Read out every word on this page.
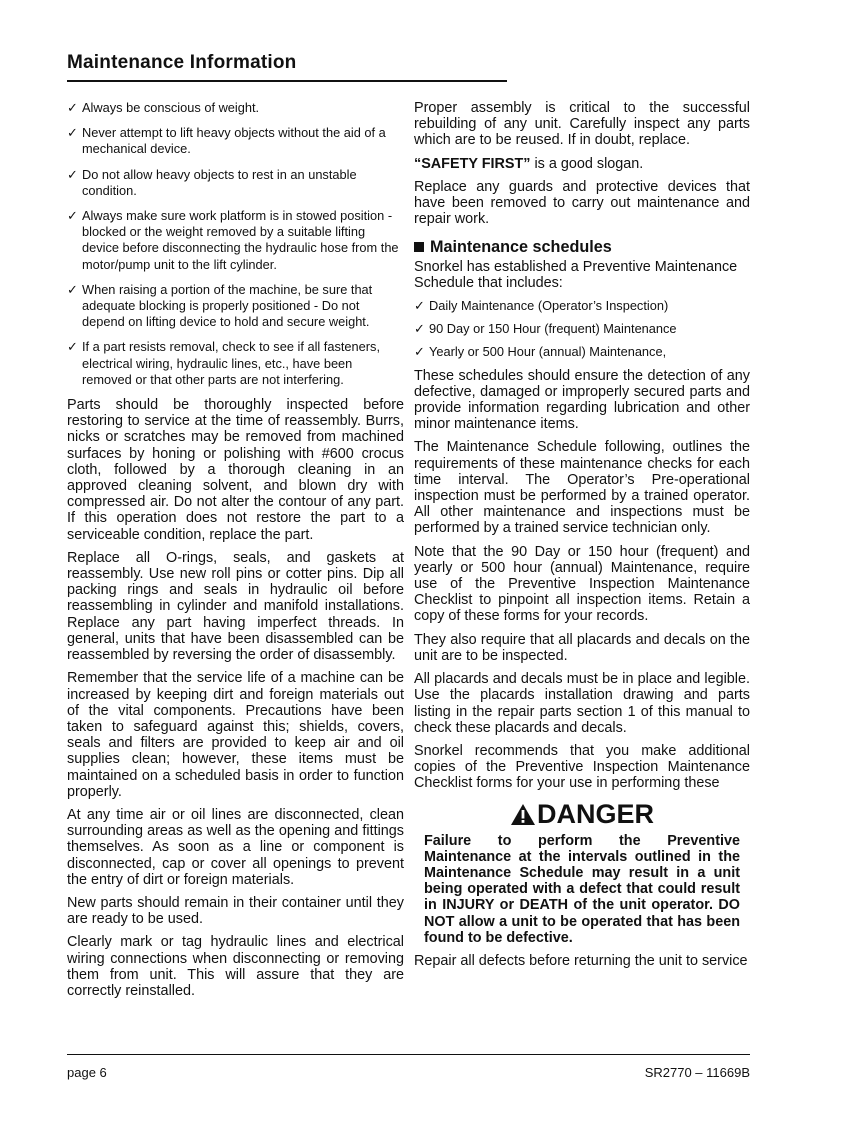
Maintenance Information
✓ Always be conscious of weight.
✓ Never attempt to lift heavy objects without the aid of a mechanical device.
✓ Do not allow heavy objects to rest in an unstable condition.
✓ Always make sure work platform is in stowed position - blocked or the weight removed by a suitable lifting device before disconnecting the hydraulic hose from the motor/pump unit to the lift cylinder.
✓ When raising a portion of the machine, be sure that adequate blocking is properly positioned - Do not depend on lifting device to hold and secure weight.
✓ If a part resists removal, check to see if all fasteners, electrical wiring, hydraulic lines, etc., have been removed or that other parts are not interfering.

Parts should be thoroughly inspected before restoring to service at the time of reassembly. Burrs, nicks or scratches may be removed from machined surfaces by honing or polishing with #600 crocus cloth, followed by a thorough cleaning in an approved cleaning solvent, and blown dry with compressed air. Do not alter the contour of any part. If this operation does not restore the part to a serviceable condition, replace the part.

Replace all O-rings, seals, and gaskets at reassembly. Use new roll pins or cotter pins. Dip all packing rings and seals in hydraulic oil before reassembling in cylinder and manifold installations. Replace any part having imperfect threads. In general, units that have been disassembled can be reassembled by reversing the order of disassembly.

Remember that the service life of a machine can be increased by keeping dirt and foreign materials out of the vital components. Precautions have been taken to safeguard against this; shields, covers, seals and filters are provided to keep air and oil supplies clean; however, these items must be maintained on a scheduled basis in order to function properly.

At any time air or oil lines are disconnected, clean surrounding areas as well as the opening and fittings themselves. As soon as a line or component is disconnected, cap or cover all openings to prevent the entry of dirt or foreign materials.

New parts should remain in their container until they are ready to be used.

Clearly mark or tag hydraulic lines and electrical wiring connections when disconnecting or removing them from unit. This will assure that they are correctly reinstalled.

Proper assembly is critical to the successful rebuilding of any unit. Carefully inspect any parts which are to be reused. If in doubt, replace.

“SAFETY FIRST” is a good slogan.

Replace any guards and protective devices that have been removed to carry out maintenance and repair work.

Maintenance schedules

Snorkel has established a Preventive Maintenance Schedule that includes:

✓ Daily Maintenance (Operator’s Inspection)
✓ 90 Day or 150 Hour (frequent) Maintenance
✓ Yearly or 500 Hour (annual) Maintenance,

These schedules should ensure the detection of any defective, damaged or improperly secured parts and provide information regarding lubrication and other minor maintenance items.

The Maintenance Schedule following, outlines the requirements of these maintenance checks for each time interval. The Operator’s Pre-operational inspection must be performed by a trained operator. All other maintenance and inspections must be performed by a trained service technician only.

Note that the 90 Day or 150 hour (frequent) and yearly or 500 hour (annual) Maintenance, require use of the Preventive Inspection Maintenance Checklist to pinpoint all inspection items. Retain a copy of these forms for your records.

They also require that all placards and decals on the unit are to be inspected.

All placards and decals must be in place and legible. Use the placards installation drawing and parts listing in the repair parts section 1 of this manual to check these placards and decals.

Snorkel recommends that you make additional copies of the Preventive Inspection Maintenance Checklist forms for your use in performing these

DANGER

Failure to perform the Preventive Maintenance at the intervals outlined in the Maintenance Schedule may result in a unit being operated with a defect that could result in INJURY or DEATH of the unit operator. DO NOT allow a unit to be operated that has been found to be defective.

Repair all defects before returning the unit to service

page 6	SR2770 – 11669B
